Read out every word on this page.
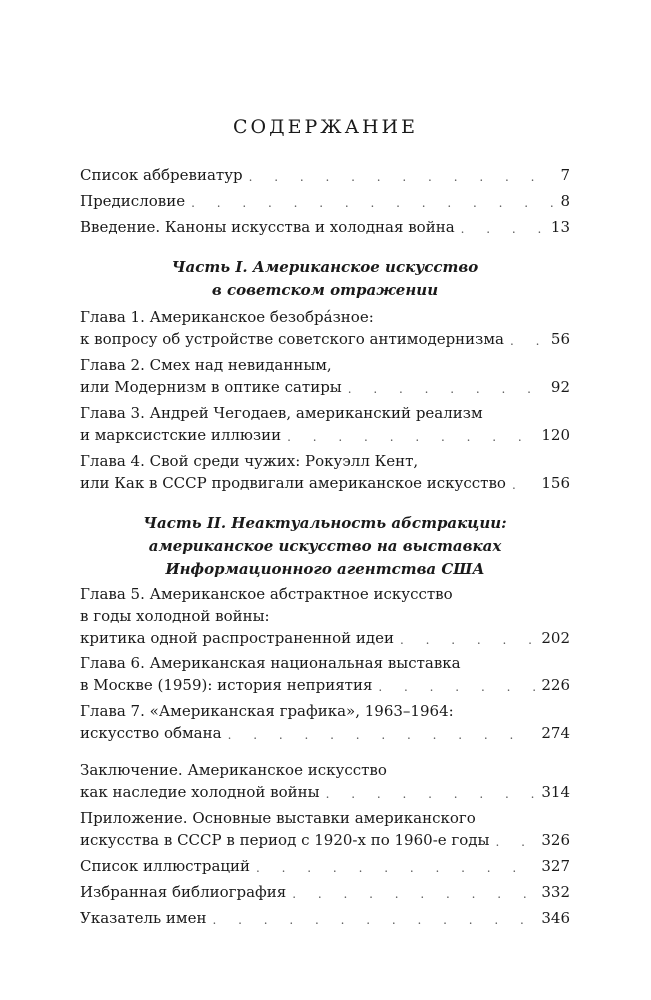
СОДЕРЖАНИЕ
Список аббревиатур . . .	7
Предисловие . . .	8
Введение. Каноны искусства и холодная война . . .	13
Часть I. Американское искусство
в советском отражении
Глава 1. Американское безобрáзное:
к вопросу об устройстве советского антимодернизма . . .	56
Глава 2. Смех над невиданным,
или Модернизм в оптике сатиры . . .	92
Глава 3. Андрей Чегодаев, американский реализм
и марксистские иллюзии . . .	120
Глава 4. Свой среди чужих: Рокуэлл Кент,
или Как в СССР продвигали американское искусство . . . 156
Часть II. Неактуальность абстракции:
американское искусство на выставках
Информационного агентства США
Глава 5. Американское абстрактное искусство
в годы холодной войны:
критика одной распространенной идеи . . .	202
Глава 6. Американская национальная выставка
в Москве (1959): история неприятия . . .	226
Глава 7. «Американская графика», 1963–1964:
искусство обмана . . .	274
Заключение. Американское искусство
как наследие холодной войны . . .	314
Приложение. Основные выставки американского
искусства в СССР в период с 1920-х по 1960-е годы . . .	326
Список иллюстраций . . .	327
Избранная библиография . . .	332
Указатель имен . . .	346
